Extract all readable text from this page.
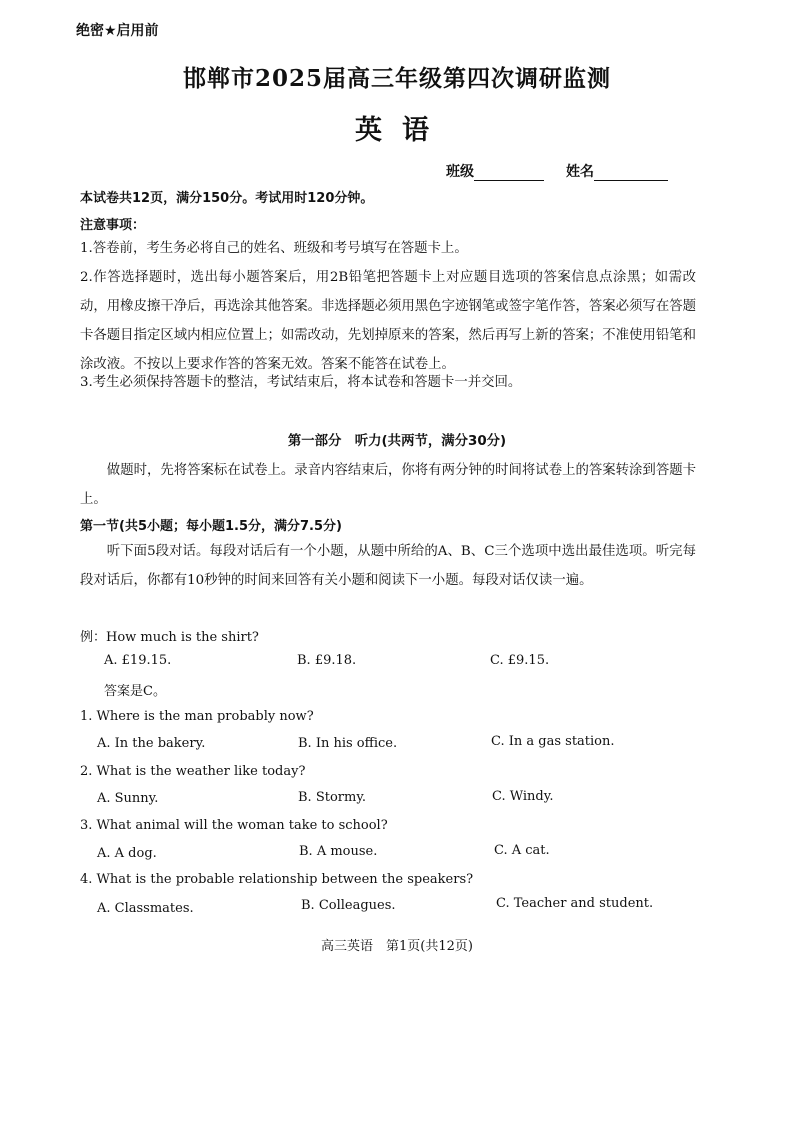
绝密★启用前
邯郸市2025届高三年级第四次调研监测
英语
班级	姓名
本试卷共12页，满分150分。考试用时120分钟。
注意事项：
1.答卷前，考生务必将自己的姓名、班级和考号填写在答题卡上。
2.作答选择题时，选出每小题答案后，用2B铅笔把答题卡上对应题目选项的答案信息点涂黑；如需改动，用橡皮擦干净后，再选涂其他答案。非选择题必须用黑色字迹钢笔或签字笔作答，答案必须写在答题卡各题目指定区域内相应位置上；如需改动，先划掉原来的答案，然后再写上新的答案；不准使用铅笔和涂改液。不按以上要求作答的答案无效。答案不能答在试卷上。
3.考生必须保持答题卡的整洁，考试结束后，将本试卷和答题卡一并交回。
第一部分　听力(共两节，满分30分)
做题时，先将答案标在试卷上。录音内容结束后，你将有两分钟的时间将试卷上的答案转涂到答题卡上。
第一节(共5小题；每小题1.5分，满分7.5分)
听下面5段对话。每段对话后有一个小题，从题中所给的A、B、C三个选项中选出最佳选项。听完每段对话后，你都有10秒钟的时间来回答有关小题和阅读下一小题。每段对话仅读一遍。
例：How much is the shirt?
A. £19.15.	B. £9.18.	C. £9.15.
答案是C。
1. Where is the man probably now?
A. In the bakery.	B. In his office.	C. In a gas station.
2. What is the weather like today?
A. Sunny.	B. Stormy.	C. Windy.
3. What animal will the woman take to school?
A. A dog.	B. A mouse.	C. A cat.
4. What is the probable relationship between the speakers?
A. Classmates.	B. Colleagues.	C. Teacher and student.
高三英语　第1页(共12页)
